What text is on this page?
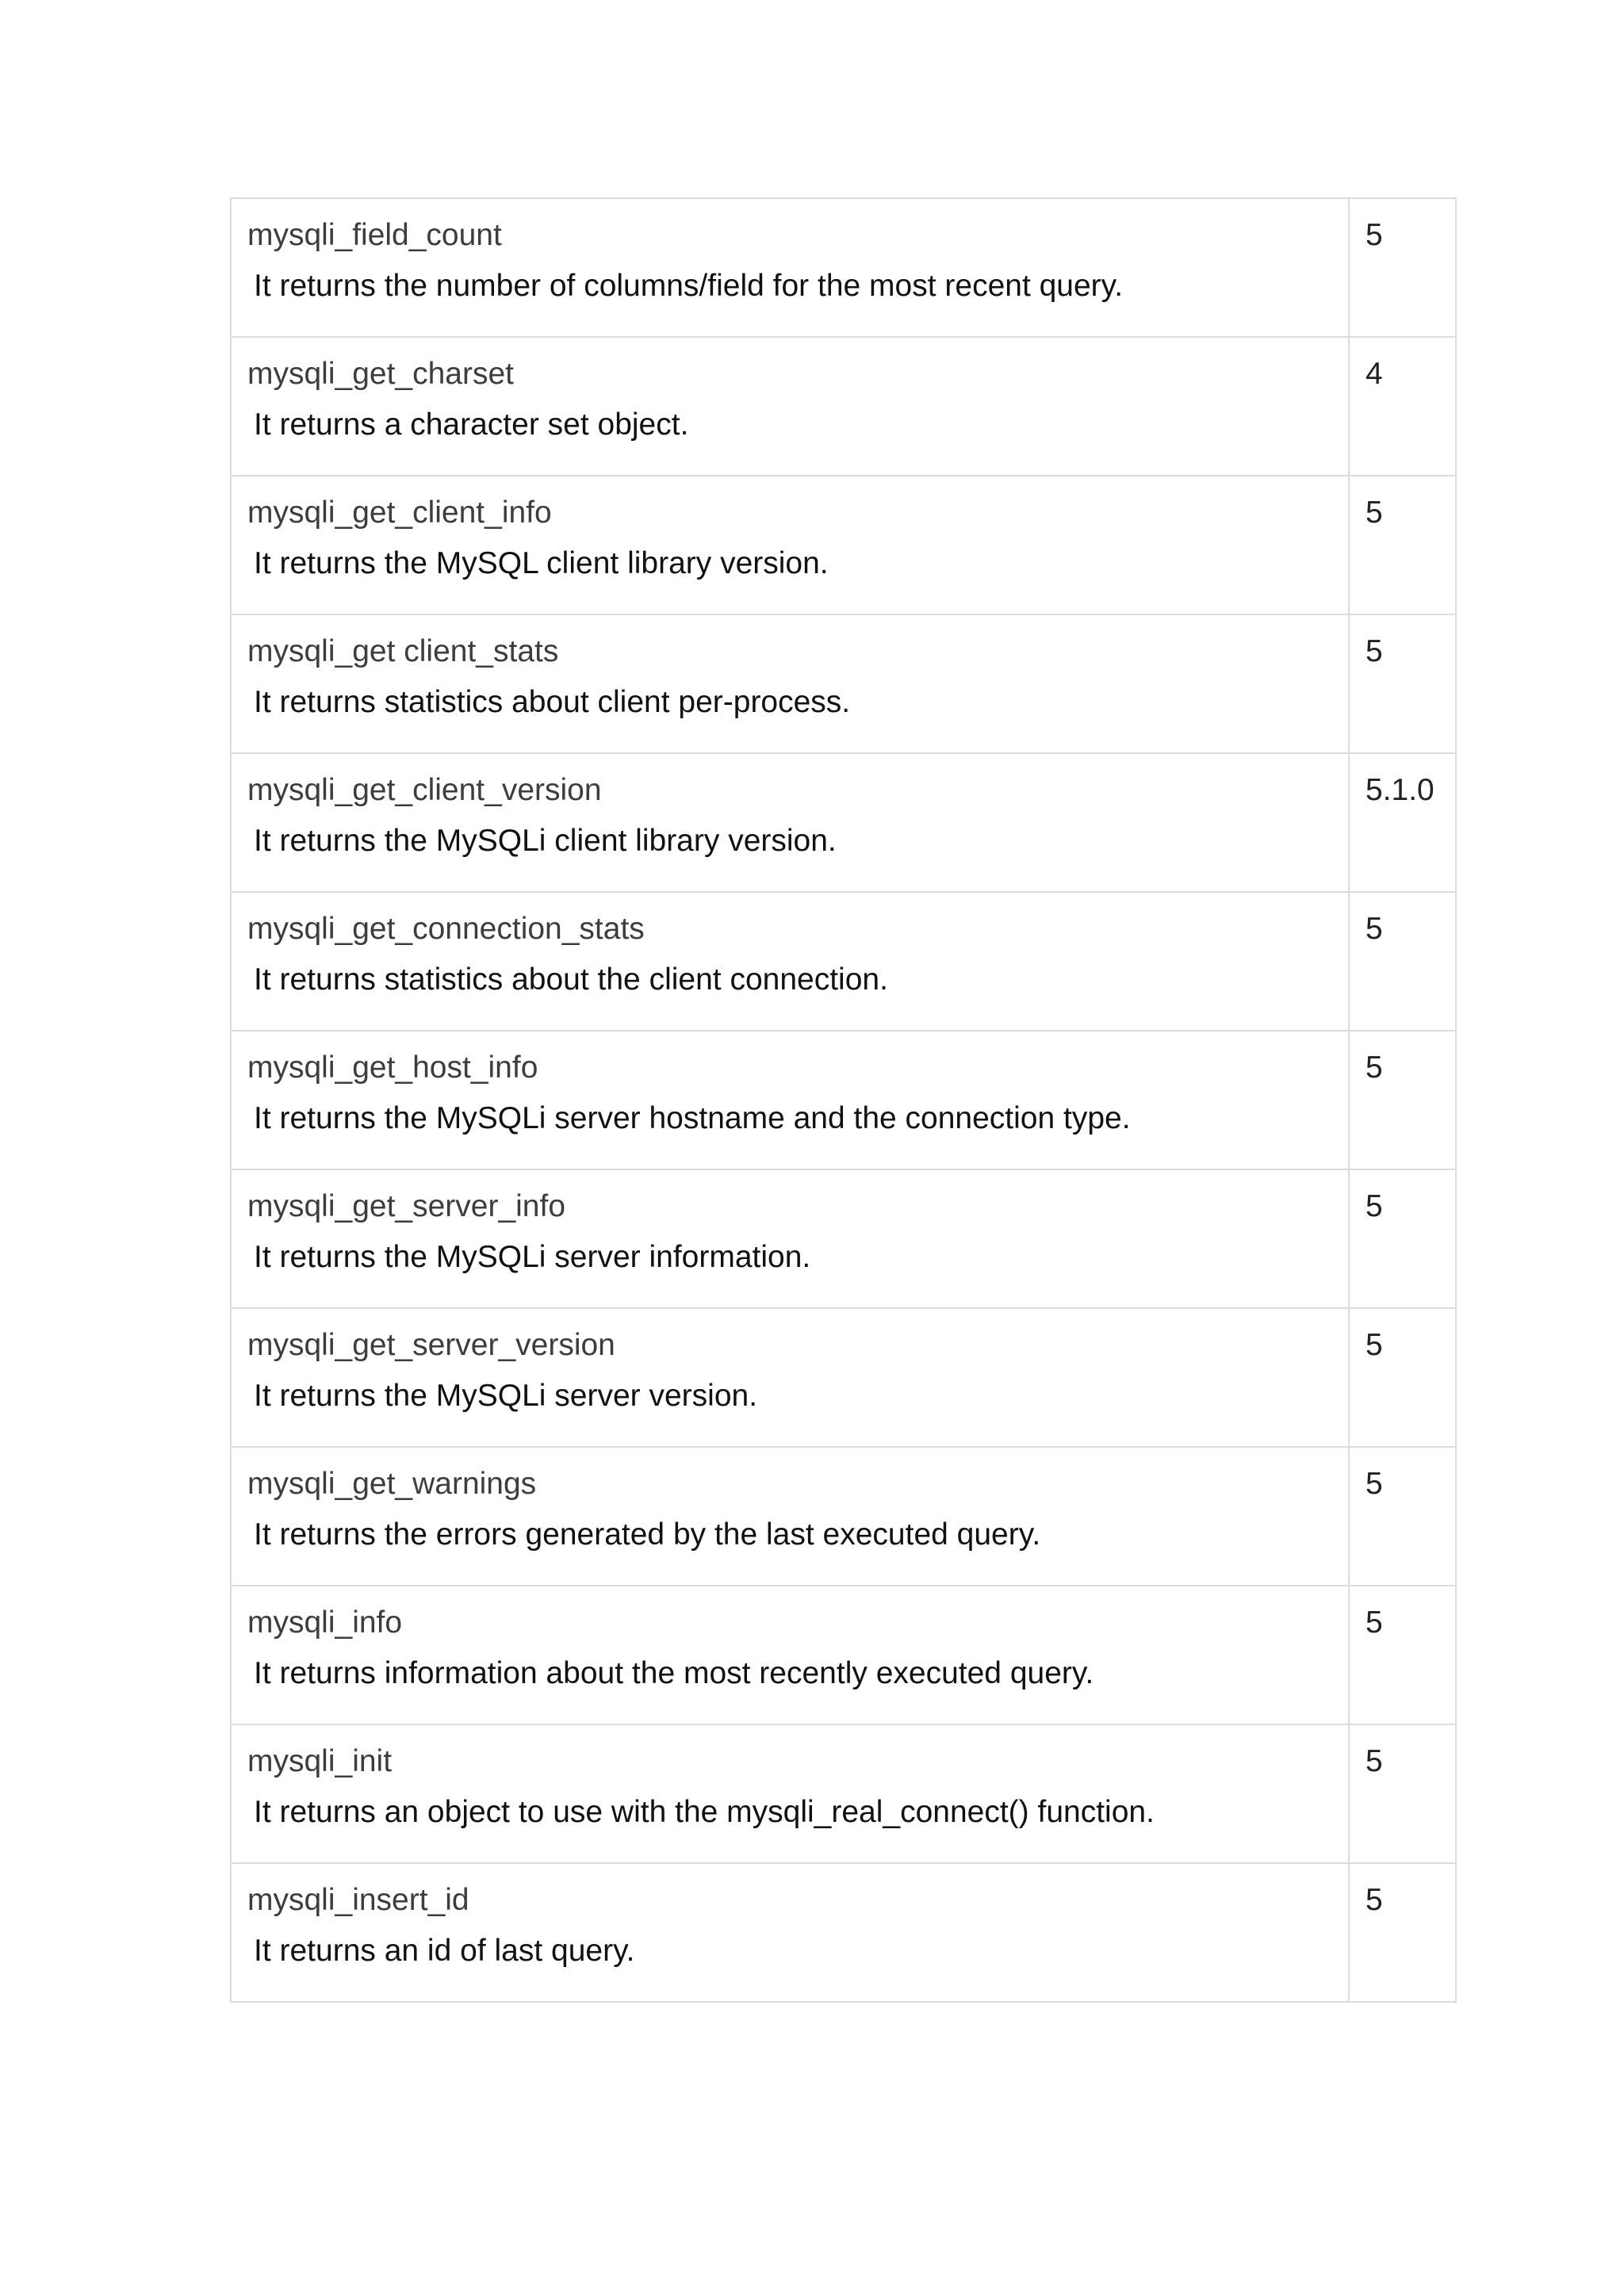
mysqli_field_count
It returns the number of columns/field for the most recent query.	5

mysqli_get_charset
It returns a character set object.	4

mysqli_get_client_info
It returns the MySQL client library version.	5

mysqli_get client_stats
It returns statistics about client per-process.	5

mysqli_get_client_version
It returns the MySQLi client library version.	5.1.0

mysqli_get_connection_stats
It returns statistics about the client connection.	5

mysqli_get_host_info
It returns the MySQLi server hostname and the connection type.	5

mysqli_get_server_info
It returns the MySQLi server information.	5

mysqli_get_server_version
It returns the MySQLi server version.	5

mysqli_get_warnings
It returns the errors generated by the last executed query.	5

mysqli_info
It returns information about the most recently executed query.	5

mysqli_init
It returns an object to use with the mysqli_real_connect() function.	5

mysqli_insert_id
It returns an id of last query.	5
